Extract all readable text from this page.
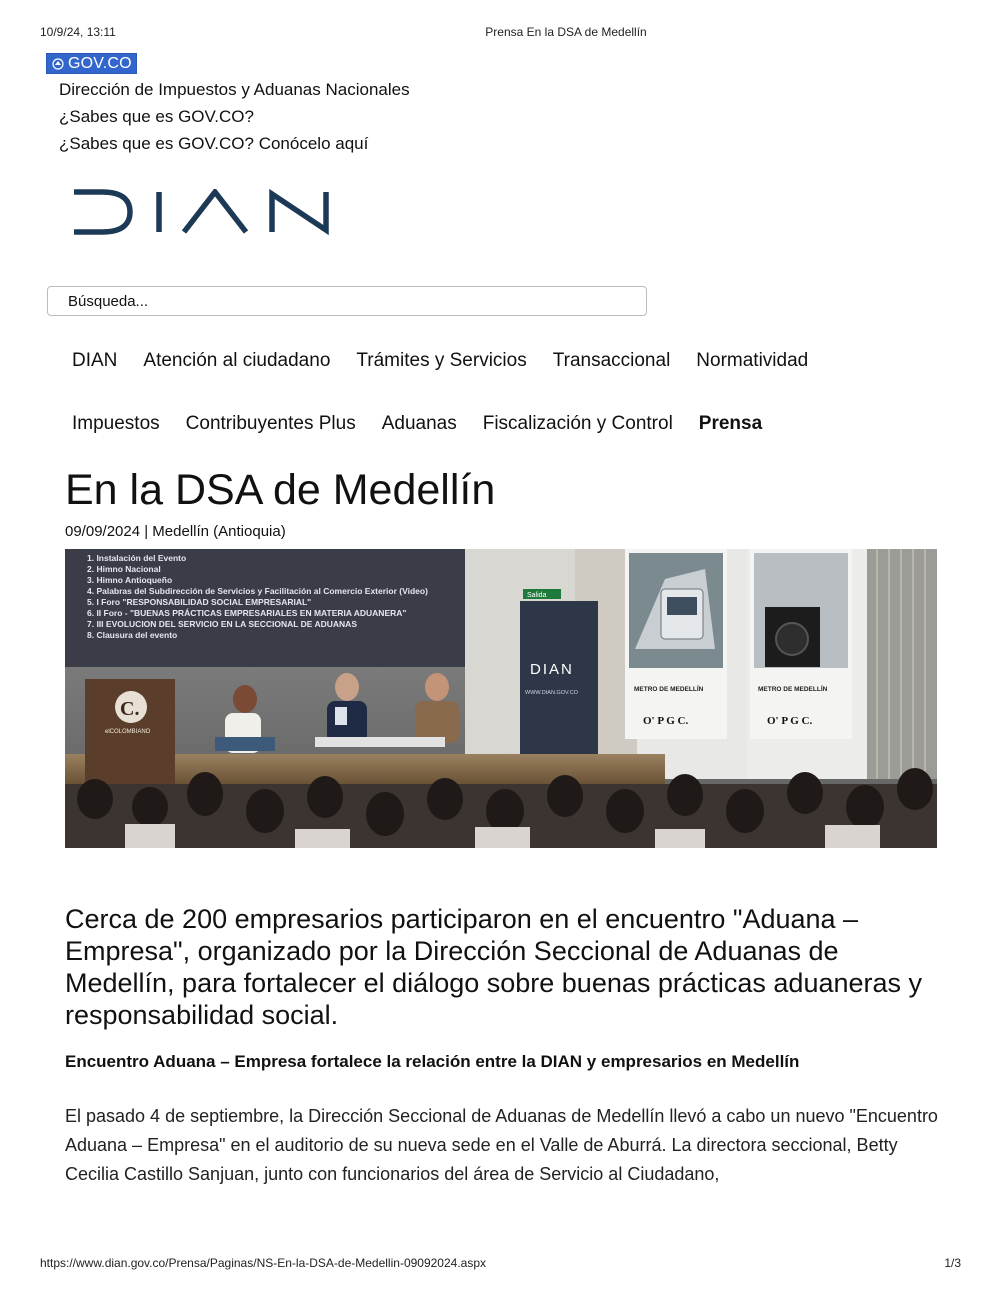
10/9/24, 13:11	Prensa En la DSA de Medellín
GOV.CO
Dirección de Impuestos y Aduanas Nacionales
¿Sabes que es GOV.CO?
¿Sabes que es GOV.CO? Conócelo aquí
Búsqueda...
DIAN Atención al ciudadano Trámites y Servicios Transaccional Normatividad
Impuestos Contribuyentes Plus Aduanas Fiscalización y Control Prensa
En la DSA de Medellín
09/09/2024 | Medellín (Antioquia)
1. Instalación del Evento
2. Himno Nacional
3. Himno Antioqueño
4. Palabras del Subdirección de Servicios y Facilitación al Comercio Exterior (Video)
5. I Foro "RESPONSABILIDAD SOCIAL EMPRESARIAL"
6. II Foro - "BUENAS PRÁCTICAS EMPRESARIALES EN MATERIA ADUANERA"
7. III EVOLUCION DEL SERVICIO EN LA SECCIONAL DE ADUANAS
8. Clausura del evento
Salida
DIAN
WWW.DIAN.GOV.CO	METRO DE MEDELLÍN
O' P G C.
METRO DE MEDELLÍN
O' P G C.
C.
elCOLOMBIANO

Cerca de 200 empresarios participaron en el encuentro "Aduana – Empresa", organizado por la Dirección Seccional de Aduanas de Medellín, para fortalecer el diálogo sobre buenas prácticas aduaneras y responsabilidad social.

Encuentro Aduana – Empresa fortalece la relación entre la DIAN y empresarios en Medellín

El pasado 4 de septiembre, la Dirección Seccional de Aduanas de Medellín llevó a cabo un nuevo "Encuentro Aduana – Empresa" en el auditorio de su nueva sede en el Valle de Aburrá. La directora seccional, Betty Cecilia Castillo Sanjuan, junto con funcionarios del área de Servicio al Ciudadano,

https://www.dian.gov.co/Prensa/Paginas/NS-En-la-DSA-de-Medellin-09092024.aspx	1/3
